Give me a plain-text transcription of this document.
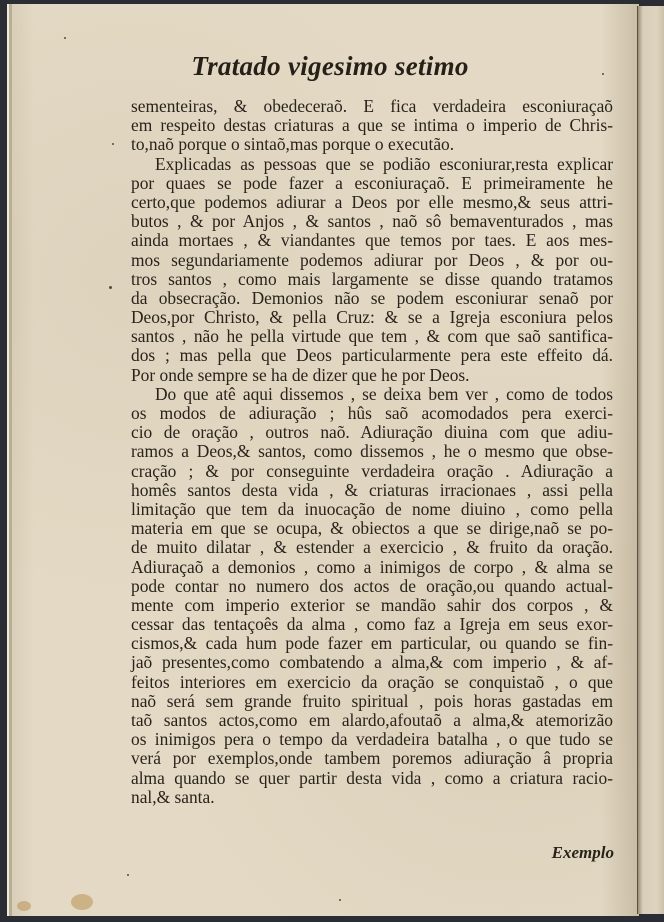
Tratado vigesimo setimo
sementeiras, & obedeceraõ. E fica verdadeira esconiuraçaõ
em respeito destas criaturas a que se intima o imperio de Chris-
to,naõ porque o sintaõ,mas porque o executão.
Explicadas as pessoas que se podião esconiurar,resta explicar
por quaes se pode fazer a esconiuraçaõ. E primeiramente he
certo,que podemos adiurar a Deos por elle mesmo,& seus attri-
butos , & por Anjos , & santos , naõ sô bemaventurados , mas
ainda mortaes , & viandantes que temos por taes. E aos mes-
mos segundariamente podemos adiurar por Deos , & por ou-
tros santos , como mais largamente se disse quando tratamos
da obsecração. Demonios não se podem esconiurar senaõ por
Deos,por Christo, & pella Cruz: & se a Igreja esconiura pelos
santos , não he pella virtude que tem , & com que saõ santifica-
dos ; mas pella que Deos particularmente pera este effeito dá.
Por onde sempre se ha de dizer que he por Deos.
Do que atê aqui dissemos , se deixa bem ver , como de todos
os modos de adiuração ; hûs saõ acomodados pera exerci-
cio de oração , outros naõ. Adiuração diuina com que adiu-
ramos a Deos,& santos, como dissemos , he o mesmo que obse-
cração ; & por conseguinte verdadeira oração . Adiuração a
homês santos desta vida , & criaturas irracionaes , assi pella
limitação que tem da inuocação de nome diuino , como pella
materia em que se ocupa, & obiectos a que se dirige,naõ se po-
de muito dilatar , & estender a exercicio , & fruito da oração.
Adiuraçaõ a demonios , como a inimigos de corpo , & alma se
pode contar no numero dos actos de oração,ou quando actual-
mente com imperio exterior se mandão sahir dos corpos , &
cessar das tentaçoês da alma , como faz a Igreja em seus exor-
cismos,& cada hum pode fazer em particular, ou quando se fin-
jaõ presentes,como combatendo a alma,& com imperio , & af-
feitos interiores em exercicio da oração se conquistaõ , o que
naõ será sem grande fruito spiritual , pois horas gastadas em
taõ santos actos,como em alardo,afoutaõ a alma,& atemorizão
os inimigos pera o tempo da verdadeira batalha , o que tudo se
verá por exemplos,onde tambem poremos adiuração â propria
alma quando se quer partir desta vida , como a criatura racio-
nal,& santa.
Exemplo
